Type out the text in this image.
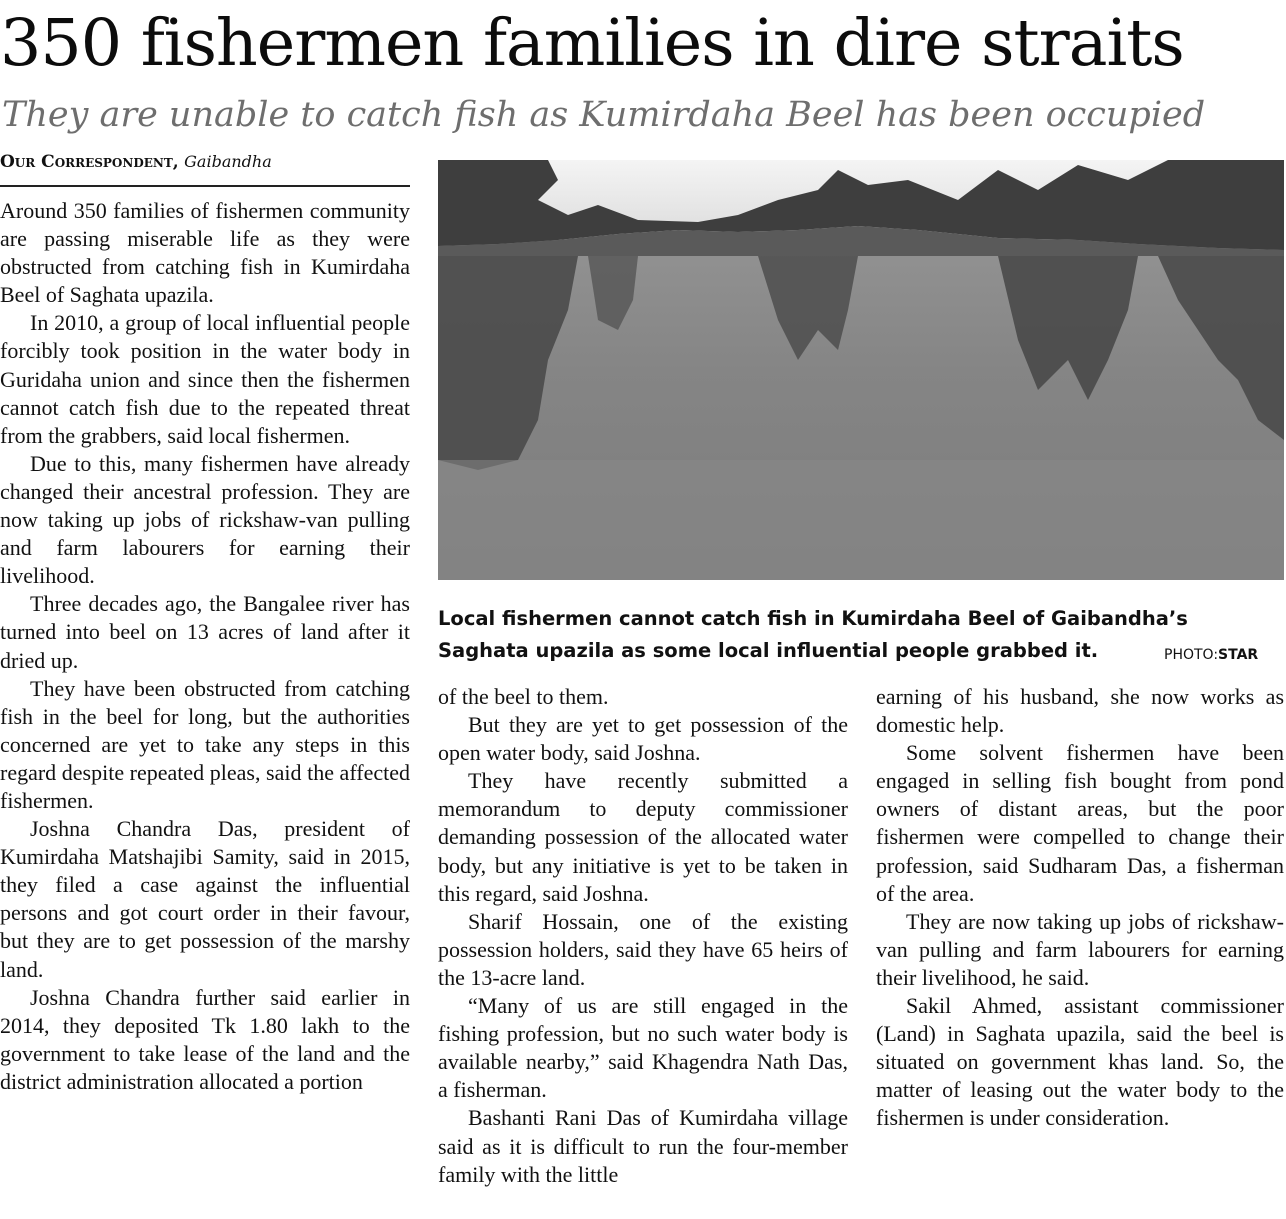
350 fishermen families in dire straits
They are unable to catch fish as Kumirdaha Beel has been occupied
Our Correspondent, Gaibandha

Around 350 families of fishermen community are passing miserable life as they were obstructed from catching fish in Kumirdaha Beel of Saghata upazila.

In 2010, a group of local influential people forcibly took position in the water body in Guridaha union and since then the fishermen cannot catch fish due to the repeated threat from the grabbers, said local fishermen.

Due to this, many fishermen have already changed their ancestral profession. They are now taking up jobs of rickshaw-van pulling and farm labourers for earning their livelihood.

Three decades ago, the Bangalee river has turned into beel on 13 acres of land after it dried up.

They have been obstructed from catching fish in the beel for long, but the authorities concerned are yet to take any steps in this regard despite repeated pleas, said the affected fishermen.

Joshna Chandra Das, president of Kumirdaha Matshajibi Samity, said in 2015, they filed a case against the influential persons and got court order in their favour, but they are to get possession of the marshy land.

Joshna Chandra further said earlier in 2014, they deposited Tk 1.80 lakh to the government to take lease of the land and the district administration allocated a portion

Local fishermen cannot catch fish in Kumirdaha Beel of Gaibandha’s
Saghata upazila as some local influential people grabbed it.	PHOTO:STAR

of the beel to them.

But they are yet to get possession of the open water body, said Joshna.

They have recently submitted a memorandum to deputy commissioner demanding possession of the allocated water body, but any initiative is yet to be taken in this regard, said Joshna.

Sharif Hossain, one of the existing possession holders, said they have 65 heirs of the 13-acre land.

“Many of us are still engaged in the fishing profession, but no such water body is available nearby,” said Khagendra Nath Das, a fisherman.

Bashanti Rani Das of Kumirdaha village said as it is difficult to run the four-member family with the little

earning of his husband, she now works as domestic help.

Some solvent fishermen have been engaged in selling fish bought from pond owners of distant areas, but the poor fishermen were compelled to change their profession, said Sudharam Das, a fisherman of the area.

They are now taking up jobs of rickshaw-van pulling and farm labourers for earning their livelihood, he said.

Sakil Ahmed, assistant commissioner (Land) in Saghata upazila, said the beel is situated on government khas land. So, the matter of leasing out the water body to the fishermen is under consideration.
